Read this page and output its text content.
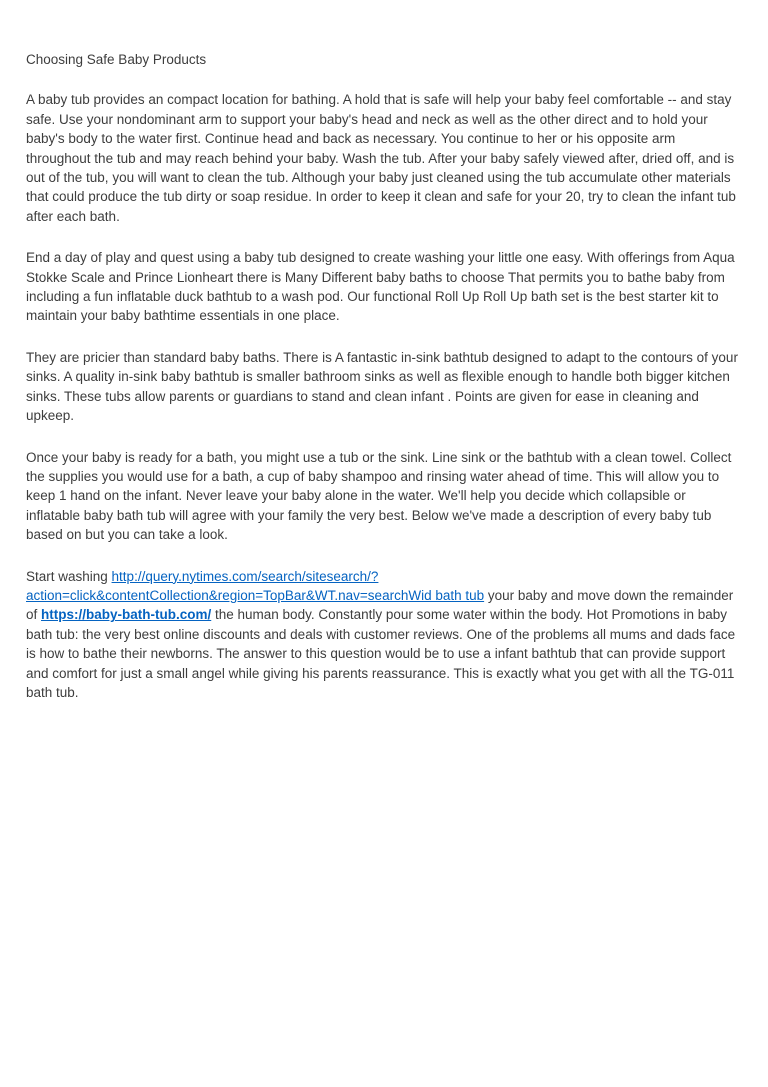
Choosing Safe Baby Products

A baby tub provides an compact location for bathing. A hold that is safe will help your baby feel comfortable -- and stay safe. Use your nondominant arm to support your baby's head and neck as well as the other direct and to hold your baby's body to the water first. Continue head and back as necessary. You continue to her or his opposite arm throughout the tub and may reach behind your baby. Wash the tub. After your baby safely viewed after, dried off, and is out of the tub, you will want to clean the tub. Although your baby just cleaned using the tub accumulate other materials that could produce the tub dirty or soap residue. In order to keep it clean and safe for your 20, try to clean the infant tub after each bath.

End a day of play and quest using a baby tub designed to create washing your little one easy. With offerings from Aqua Stokke Scale and Prince Lionheart there is Many Different baby baths to choose That permits you to bathe baby from including a fun inflatable duck bathtub to a wash pod. Our functional Roll Up Roll Up bath set is the best starter kit to maintain your baby bathtime essentials in one place.

They are pricier than standard baby baths. There is A fantastic in-sink bathtub designed to adapt to the contours of your sinks. A quality in-sink baby bathtub is smaller bathroom sinks as well as flexible enough to handle both bigger kitchen sinks. These tubs allow parents or guardians to stand and clean infant . Points are given for ease in cleaning and upkeep.

Once your baby is ready for a bath, you might use a tub or the sink. Line sink or the bathtub with a clean towel. Collect the supplies you would use for a bath, a cup of baby shampoo and rinsing water ahead of time. This will allow you to keep 1 hand on the infant. Never leave your baby alone in the water. We'll help you decide which collapsible or inflatable baby bath tub will agree with your family the very best. Below we've made a description of every baby tub based on but you can take a look.

Start washing http://query.nytimes.com/search/sitesearch/?action=click&contentCollection&region=TopBar&WT.nav=searchWid bath tub your baby and move down the remainder of https://baby-bath-tub.com/ the human body. Constantly pour some water within the body. Hot Promotions in baby bath tub: the very best online discounts and deals with customer reviews. One of the problems all mums and dads face is how to bathe their newborns. The answer to this question would be to use a infant bathtub that can provide support and comfort for just a small angel while giving his parents reassurance. This is exactly what you get with all the TG-011 bath tub.
